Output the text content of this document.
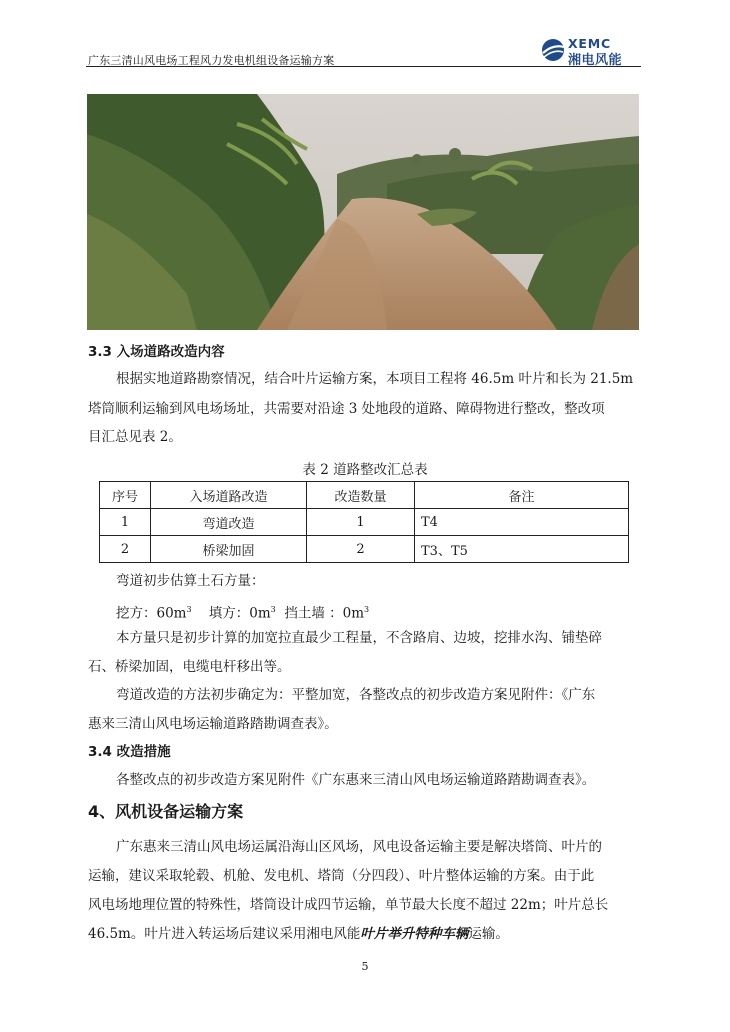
广东三清山风电场工程风力发电机组设备运输方案
XEMC
湘电风能
3.3 入场道路改造内容
根据实地道路勘察情况，结合叶片运输方案，本项目工程将 46.5m 叶片和长为 21.5m
塔筒顺利运输到风电场场址，共需要对沿途 3 处地段的道路、障碍物进行整改，整改项
目汇总见表 2。
表 2 道路整改汇总表
序号	入场道路改造	改造数量	备注
1	弯道改造	1	T4
2	桥梁加固	2	T3、T5
弯道初步估算土石方量：
挖方：$60m^3$ 填方：$0m^3$ 挡土墙 ：$0m^3$
本方量只是初步计算的加宽拉直最少工程量，不含路肩、边坡，挖排水沟、铺垫碎
石、桥梁加固，电缆电杆移出等。
弯道改造的方法初步确定为：平整加宽，各整改点的初步改造方案见附件：《广东
惠来三清山风电场运输道路踏勘调查表》。
3.4 改造措施
各整改点的初步改造方案见附件《广东惠来三清山风电场运输道路踏勘调查表》。
4、风机设备运输方案
广东惠来三清山风电场运属沿海山区风场，风电设备运输主要是解决塔筒、叶片的
运输，建议采取轮毂、机舱、发电机、塔筒（分四段）、叶片整体运输的方案。由于此
风电场地理位置的特殊性，塔筒设计成四节运输，单节最大长度不超过 22m；叶片总长
46.5m。叶片进入转运场后建议采用湘电风能叶片举升特种车辆运输。
5
